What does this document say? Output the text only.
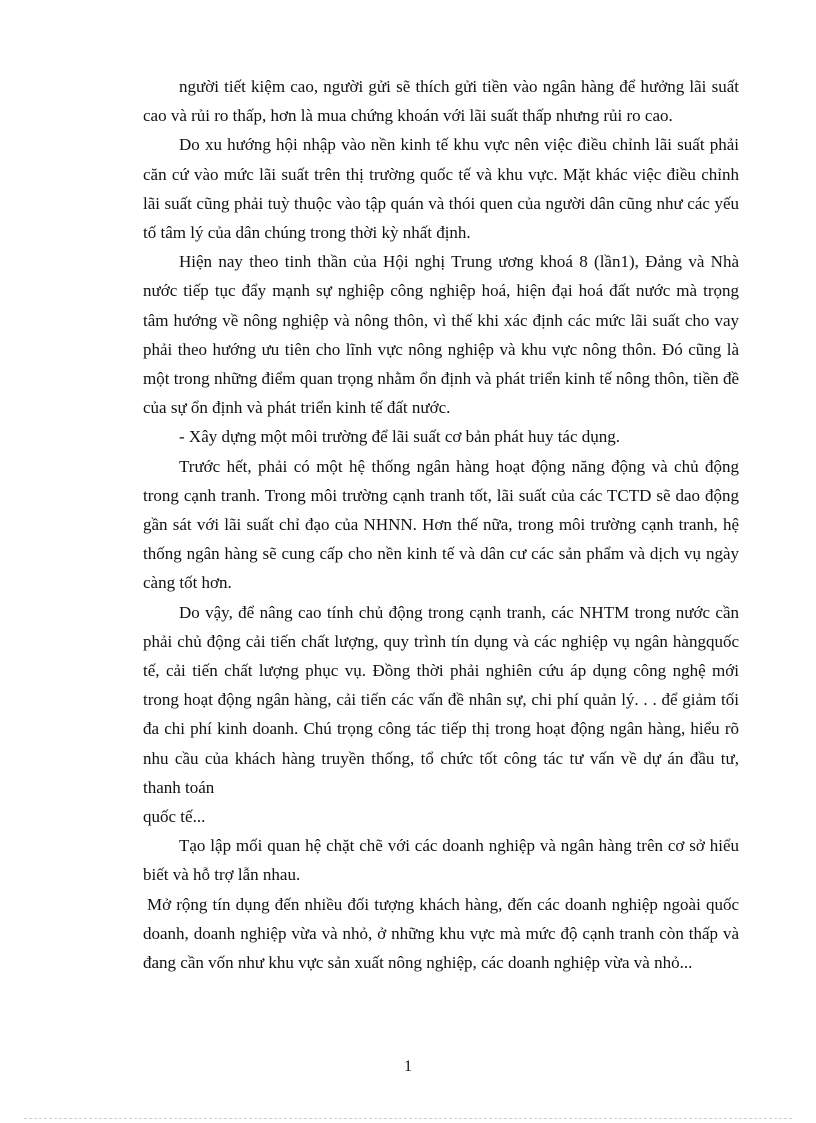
người tiết kiệm cao, người gửi sẽ thích gửi tiền vào ngân hàng để hưởng lãi suất cao và rủi ro thấp, hơn là mua chứng khoán với lãi suất thấp nhưng rủi ro cao.

Do xu hướng hội nhập vào nền kinh tế khu vực nên việc điều chỉnh lãi suất phải căn cứ vào mức lãi suất trên thị trường quốc tế và khu vực. Mặt khác việc điều chỉnh lãi suất cũng phải tuỳ thuộc vào tập quán và thói quen của người dân cũng như các yếu tố tâm lý của dân chúng trong thời kỳ nhất định.

Hiện nay theo tinh thần của Hội nghị Trung ương khoá 8 (lần1), Đảng và Nhà nước tiếp tục đẩy mạnh sự nghiệp công nghiệp hoá, hiện đại hoá đất nước mà trọng tâm hướng về nông nghiệp và nông thôn, vì thế khi xác định các mức lãi suất cho vay phải theo hướng ưu tiên cho lĩnh vực nông nghiệp và khu vực nông thôn. Đó cũng là một trong những điểm quan trọng nhằm ổn định và phát triển kinh tế nông thôn, tiền đề của sự ổn định và phát triển kinh tế đất nước.

- Xây dựng một môi trường để lãi suất cơ bản phát huy tác dụng.

Trước hết, phải có một hệ thống ngân hàng hoạt động năng động và chủ động trong cạnh tranh. Trong môi trường cạnh tranh tốt, lãi suất của các TCTD sẽ dao động gần sát với lãi suất chỉ đạo của NHNN. Hơn thế nữa, trong môi trường cạnh tranh, hệ thống ngân hàng sẽ cung cấp cho nền kinh tế và dân cư các sản phẩm và dịch vụ ngày càng tốt hơn.

Do vậy, để nâng cao tính chủ động trong cạnh tranh, các NHTM trong nước cần phải chủ động cải tiến chất lượng, quy trình tín dụng và các nghiệp vụ ngân hàngquốc tế, cải tiến chất lượng phục vụ. Đồng thời phải nghiên cứu áp dụng công nghệ mới trong hoạt động ngân hàng, cải tiến các vấn đề nhân sự, chi phí quản lý. . . để giảm tối đa chi phí kinh doanh. Chú trọng công tác tiếp thị trong hoạt động ngân hàng, hiểu rõ nhu cầu của khách hàng truyền thống, tổ chức tốt công tác tư vấn về dự án đầu tư, thanh toán

quốc tế...

Tạo lập mối quan hệ chặt chẽ với các doanh nghiệp và ngân hàng trên cơ sở hiểu biết và hỗ trợ lẫn nhau.

Mở rộng tín dụng đến nhiều đối tượng khách hàng, đến các doanh nghiệp ngoài quốc doanh, doanh nghiệp vừa và nhỏ, ở những khu vực mà mức độ cạnh tranh còn thấp và đang cần vốn như khu vực sản xuất nông nghiệp, các doanh nghiệp vừa và nhỏ...

1
